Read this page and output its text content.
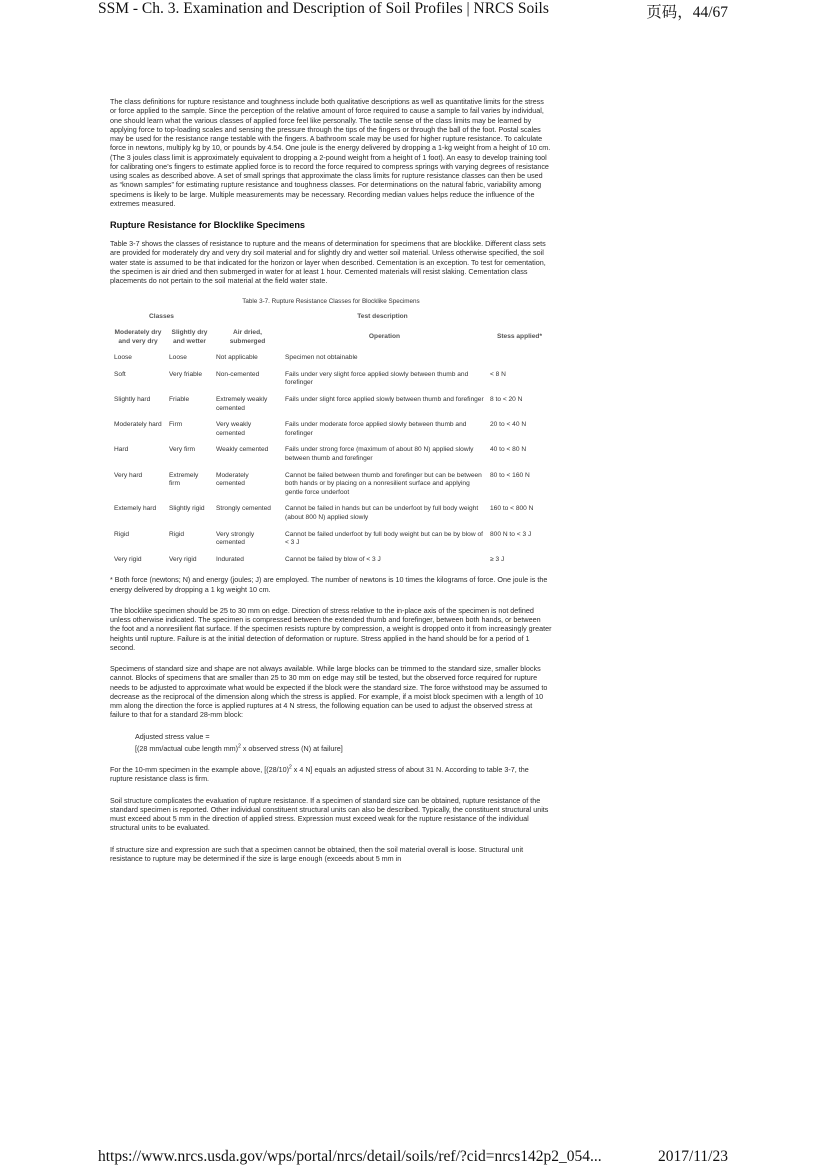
SSM - Ch. 3. Examination and Description of Soil Profiles | NRCS Soils	页码，44/67

The class definitions for rupture resistance and toughness include both qualitative descriptions as well as quantitative limits for the stress or force applied to the sample. Since the perception of the relative amount of force required to cause a sample to fail varies by individual, one should learn what the various classes of applied force feel like personally. The tactile sense of the class limits may be learned by applying force to top-loading scales and sensing the pressure through the tips of the fingers or through the ball of the foot. Postal scales may be used for the resistance range testable with the fingers. A bathroom scale may be used for higher rupture resistance. To calculate force in newtons, multiply kg by 10, or pounds by 4.54. One joule is the energy delivered by dropping a 1-kg weight from a height of 10 cm. (The 3 joules class limit is approximately equivalent to dropping a 2-pound weight from a height of 1 foot). An easy to develop training tool for calibrating one’s fingers to estimate applied force is to record the force required to compress springs with varying degrees of resistance using scales as described above. A set of small springs that approximate the class limits for rupture resistance classes can then be used as “known samples” for estimating rupture resistance and toughness classes. For determinations on the natural fabric, variability among specimens is likely to be large. Multiple measurements may be necessary. Recording median values helps reduce the influence of the extremes measured.

Rupture Resistance for Blocklike Specimens

Table 3-7 shows the classes of resistance to rupture and the means of determination for specimens that are blocklike. Different class sets are provided for moderately dry and very dry soil material and for slightly dry and wetter soil material. Unless otherwise specified, the soil water state is assumed to be that indicated for the horizon or layer when described. Cementation is an exception. To test for cementation, the specimen is air dried and then submerged in water for at least 1 hour. Cemented materials will resist slaking. Cementation class placements do not pertain to the soil material at the field water state.

Table 3-7. Rupture Resistance Classes for Blocklike Specimens
Classes		Test description		
Moderately dry and very dry	Slightly dry and wetter	Air dried, submerged	Operation	Stess applied*
Loose	Loose	Not applicable	Specimen not obtainable	
Soft	Very friable	Non-cemented	Fails under very slight force applied slowly between thumb and forefinger	< 8 N
Slightly hard	Friable	Extremely weakly cemented	Fails under slight force applied slowly between thumb and forefinger	8 to < 20 N
Moderately hard	Firm	Very weakly cemented	Fails under moderate force applied slowly between thumb and forefinger	20 to < 40 N
Hard	Very firm	Weakly cemented	Fails under strong force (maximum of about 80 N) applied slowly between thumb and forefinger	40 to < 80 N
Very hard	Extremely firm	Moderately cemented	Cannot be failed between thumb and forefinger but can be between both hands or by placing on a nonresilient surface and applying gentle force underfoot	80 to < 160 N
Extemely hard	Slightly rigid	Strongly cemented	Cannot be failed in hands but can be underfoot by full body weight (about 800 N) applied slowly	160 to < 800 N
Rigid	Rigid	Very strongly cemented	Cannot be failed underfoot by full body weight but can be by blow of < 3 J	800 N to < 3 J
Very rigid	Very rigid	Indurated	Cannot be failed by blow of < 3 J	≥ 3 J

* Both force (newtons; N) and energy (joules; J) are employed. The number of newtons is 10 times the kilograms of force. One joule is the energy delivered by dropping a 1 kg weight 10 cm.

The blocklike specimen should be 25 to 30 mm on edge. Direction of stress relative to the in-place axis of the specimen is not defined unless otherwise indicated. The specimen is compressed between the extended thumb and forefinger, between both hands, or between the foot and a nonresilient flat surface. If the specimen resists rupture by compression, a weight is dropped onto it from increasingly greater heights until rupture. Failure is at the initial detection of deformation or rupture. Stress applied in the hand should be for a period of 1 second.

Specimens of standard size and shape are not always available. While large blocks can be trimmed to the standard size, smaller blocks cannot. Blocks of specimens that are smaller than 25 to 30 mm on edge may still be tested, but the observed force required for rupture needs to be adjusted to approximate what would be expected if the block were the standard size. The force withstood may be assumed to decrease as the reciprocal of the dimension along which the stress is applied. For example, if a moist block specimen with a length of 10 mm along the direction the force is applied ruptures at 4 N stress, the following equation can be used to adjust the observed stress at failure to that for a standard 28-mm block:

Adjusted stress value =
[(28 mm/actual cube length mm)$^2$ x observed stress (N) at failure]

For the 10-mm specimen in the example above, [$(28/10)^2$ x 4 N] equals an adjusted stress of about 31 N. According to table 3-7, the rupture resistance class is firm.

Soil structure complicates the evaluation of rupture resistance. If a specimen of standard size can be obtained, rupture resistance of the standard specimen is reported. Other individual constituent structural units can also be described. Typically, the constituent structural units must exceed about 5 mm in the direction of applied stress. Expression must exceed weak for the rupture resistance of the individual structural units to be evaluated.

If structure size and expression are such that a specimen cannot be obtained, then the soil material overall is loose. Structural unit resistance to rupture may be determined if the size is large enough (exceeds about 5 mm in

https://www.nrcs.usda.gov/wps/portal/nrcs/detail/soils/ref/?cid=nrcs142p2_054...	2017/11/23
